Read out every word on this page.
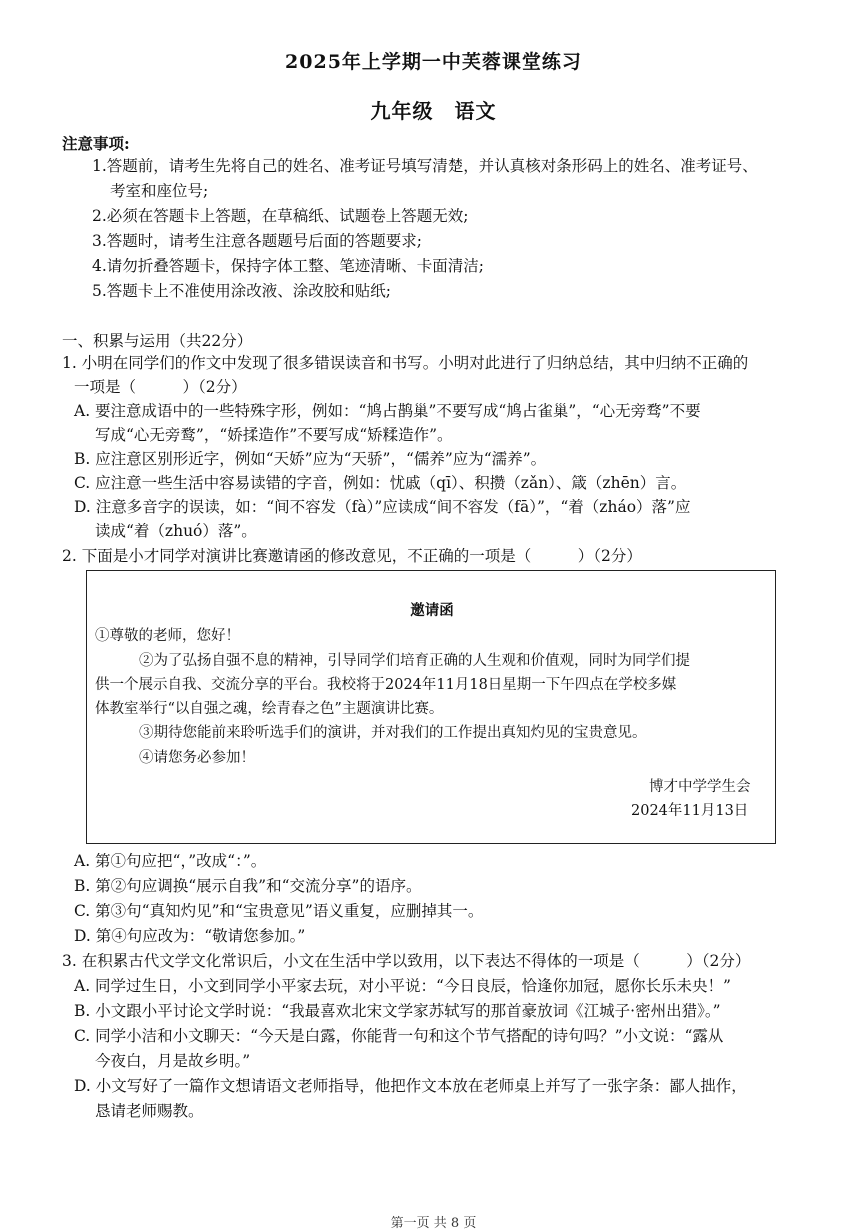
2025年上学期一中芙蓉课堂练习
九年级　语文
注意事项:
1.答题前，请考生先将自己的姓名、准考证号填写清楚，并认真核对条形码上的姓名、准考证号、
考室和座位号;
2.必须在答题卡上答题，在草稿纸、试题卷上答题无效;
3.答题时，请考生注意各题题号后面的答题要求;
4.请勿折叠答题卡，保持字体工整、笔迹清晰、卡面清洁;
5.答题卡上不准使用涂改液、涂改胶和贴纸;
一、积累与运用（共22分）
1. 小明在同学们的作文中发现了很多错误读音和书写。小明对此进行了归纳总结，其中归纳不正确的
一项是（　　　）（2分）
A. 要注意成语中的一些特殊字形，例如：“鸠占鹊巢”不要写成“鸠占雀巢”，“心无旁骛”不要
写成“心无旁鹜”，“娇揉造作”不要写成“矫糅造作”。
B. 应注意区别形近字，例如“天娇”应为“天骄”，“儒养”应为“濡养”。
C. 应注意一些生活中容易读错的字音，例如：忧戚（qī）、积攒（zǎn）、箴（zhēn）言。
D. 注意多音字的误读，如：“间不容发（fà）”应读成“间不容发（fā）”，“着（zháo）落”应
读成“着（zhuó）落”。
2. 下面是小才同学对演讲比赛邀请函的修改意见，不正确的一项是（　　　）（2分）
邀请函
①尊敬的老师，您好！
②为了弘扬自强不息的精神，引导同学们培育正确的人生观和价值观，同时为同学们提
供一个展示自我、交流分享的平台。我校将于2024年11月18日星期一下午四点在学校多媒
体教室举行“以自强之魂，绘青春之色”主题演讲比赛。
③期待您能前来聆听选手们的演讲，并对我们的工作提出真知灼见的宝贵意见。
④请您务必参加！
博才中学学生会
2024年11月13日
A. 第①句应把“，”改成“：”。
B. 第②句应调换“展示自我”和“交流分享”的语序。
C. 第③句“真知灼见”和“宝贵意见”语义重复，应删掉其一。
D. 第④句应改为：“敬请您参加。”
3. 在积累古代文学文化常识后，小文在生活中学以致用，以下表达不得体的一项是（　　　）（2分）
A. 同学过生日，小文到同学小平家去玩，对小平说：“今日良辰，恰逢你加冠，愿你长乐未央！”
B. 小文跟小平讨论文学时说：“我最喜欢北宋文学家苏轼写的那首豪放词《江城子·密州出猎》。”
C. 同学小洁和小文聊天：“今天是白露，你能背一句和这个节气搭配的诗句吗？”小文说：“露从
今夜白，月是故乡明。”
D. 小文写好了一篇作文想请语文老师指导，他把作文本放在老师桌上并写了一张字条：鄙人拙作，
恳请老师赐教。
第一页 共 8 页
